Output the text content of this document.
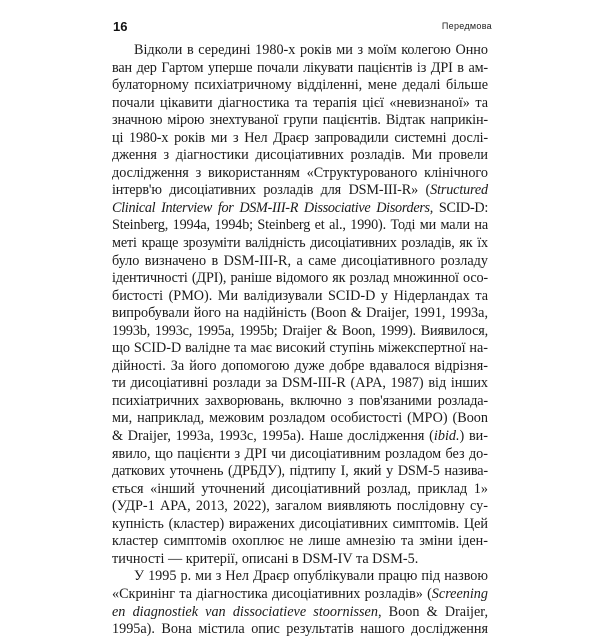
16	Передмова

Відколи в середині 1980-х років ми з моїм колегою Онно
ван дер Гартом уперше почали лікувати пацієнтів із ДРІ в ам-
булаторному психіатричному відділенні, мене дедалі більше
почали цікавити діагностика та терапія цієї «невизнаної» та
значною мірою знехтуваної групи пацієнтів. Відтак наприкін-
ці 1980-х років ми з Нел Драєр запровадили системні дослі-
дження з діагностики дисоціативних розладів. Ми провели
дослідження з використанням «Структурованого клінічного
інтерв'ю дисоціативних розладів для DSM-III-R» (Structured
Clinical Interview for DSM-III-R Dissociative Disorders, SCID-D:
Steinberg, 1994a, 1994b; Steinberg et al., 1990). Тоді ми мали на
меті краще зрозуміти валідність дисоціативних розладів, як їх
було визначено в DSM-III-R, а саме дисоціативного розладу
ідентичності (ДРІ), раніше відомого як розлад множинної осо-
бистості (РМО). Ми валідизували SCID-D у Нідерландах та
випробували його на надійність (Boon & Draijer, 1991, 1993a,
1993b, 1993c, 1995a, 1995b; Draijer & Boon, 1999). Виявилося,
що SCID-D валідне та має високий ступінь міжекспертної на-
дійності. За його допомогою дуже добре вдавалося відрізня-
ти дисоціативні розлади за DSM-III-R (APA, 1987) від інших
психіатричних захворювань, включно з пов'язаними розлада-
ми, наприклад, межовим розладом особистості (МРО) (Boon
& Draijer, 1993a, 1993c, 1995a). Наше дослідження (ibid.) ви-
явило, що пацієнти з ДРІ чи дисоціативним розладом без до-
даткових уточнень (ДРБДУ), підтипу І, який у DSM-5 назива-
ється «інший уточнений дисоціативний розлад, приклад 1»
(УДР-1 APA, 2013, 2022), загалом виявляють послідовну су-
купність (кластер) виражених дисоціативних симптомів. Цей
кластер симптомів охоплює не лише амнезію та зміни іден-
тичності — критерії, описані в DSM-IV та DSM-5.

У 1995 р. ми з Нел Драєр опублікували працю під назвою
«Скринінг та діагностика дисоціативних розладів» (Screening
en diagnostiek van dissociatieve stoornissen, Boon & Draijer,
1995a). Вона містила опис результатів нашого дослідження
